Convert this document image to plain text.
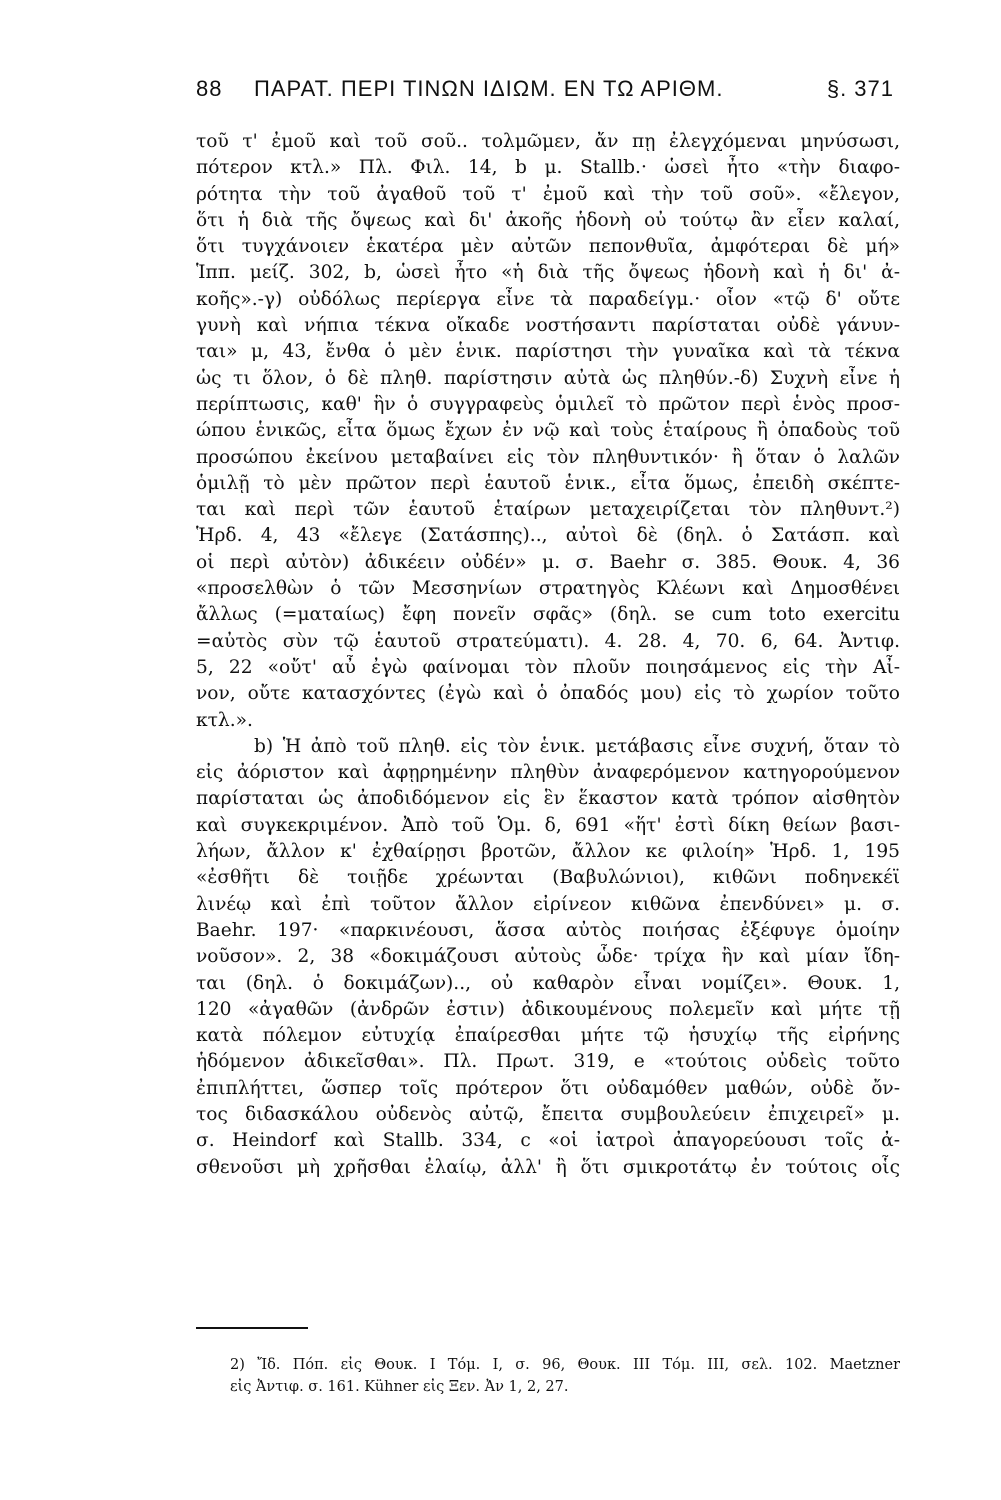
88 ΠΑΡΑΤ. ΠΕΡΙ ΤΙΝΩΝ ΙΔΙΩΜ. ΕΝ ΤΩ ΑΡΙΘΜ.	§. 371
τοῦ τ' ἐμοῦ καὶ τοῦ σοῦ.. τολμῶμεν, ἄν πῃ ἐλεγχόμεναι μηνύσωσι,
πότερον κτλ.» Πλ. Φιλ. 14, b μ. Stallb.· ὡσεὶ ἦτο «τὴν διαφο-
ρότητα τὴν τοῦ ἀγαθοῦ τοῦ τ' ἐμοῦ καὶ τὴν τοῦ σοῦ». «ἔλεγον,
ὅτι ἡ διὰ τῆς ὄψεως καὶ δι' ἀκοῆς ἡδονὴ οὐ τούτῳ ἂν εἶεν καλαί,
ὅτι τυγχάνοιεν ἑκατέρα μὲν αὐτῶν πεπονθυῖα, ἀμφότεραι δὲ μή»
Ἱππ. μείζ. 302, b, ὡσεὶ ἦτο «ἡ διὰ τῆς ὄψεως ἡδονὴ καὶ ἡ δι' ἀ-
κοῆς».-γ) οὐδόλως περίεργα εἶνε τὰ παραδείγμ.· οἷον «τῷ δ' οὔτε
γυνὴ καὶ νήπια τέκνα οἴκαδε νοστήσαντι παρίσταται οὐδὲ γάνυν-
ται» μ, 43, ἔνθα ὁ μὲν ἑνικ. παρίστησι τὴν γυναῖκα καὶ τὰ τέκνα
ὡς τι ὅλον, ὁ δὲ πληθ. παρίστησιν αὐτὰ ὡς πληθύν.-δ) Συχνὴ εἶνε ἡ
περίπτωσις, καθ' ἣν ὁ συγγραφεὺς ὁμιλεῖ τὸ πρῶτον περὶ ἑνὸς προσ-
ώπου ἑνικῶς, εἶτα ὅμως ἔχων ἐν νῷ καὶ τοὺς ἑταίρους ἢ ὀπαδοὺς τοῦ
προσώπου ἐκείνου μεταβαίνει εἰς τὸν πληθυντικόν· ἢ ὅταν ὁ λαλῶν
ὁμιλῇ τὸ μὲν πρῶτον περὶ ἑαυτοῦ ἑνικ., εἶτα ὅμως, ἐπειδὴ σκέπτε-
ται καὶ περὶ τῶν ἑαυτοῦ ἑταίρων μεταχειρίζεται τὸν πληθυντ.²)
Ἡρδ. 4, 43 «ἔλεγε (Σατάσπης).., αὐτοὶ δὲ (δηλ. ὁ Σατάσπ. καὶ
οἱ περὶ αὐτὸν) ἀδικέειν οὐδέν» μ. σ. Baehr σ. 385. Θουκ. 4, 36
«προσελθὼν ὁ τῶν Μεσσηνίων στρατηγὸς Κλέωνι καὶ Δημοσθένει
ἄλλως (=ματαίως) ἔφη πονεῖν σφᾶς» (δηλ. se cum toto exercitu
=αὐτὸς σὺν τῷ ἑαυτοῦ στρατεύματι). 4. 28. 4, 70. 6, 64. Ἀντιφ.
5, 22 «οὔτ' αὖ ἐγὼ φαίνομαι τὸν πλοῦν ποιησάμενος εἰς τὴν Αἶ-
νον, οὔτε κατασχόντες (ἐγὼ καὶ ὁ ὀπαδός μου) εἰς τὸ χωρίον τοῦτο
κτλ.».
b) Ἡ ἀπὸ τοῦ πληθ. εἰς τὸν ἑνικ. μετάβασις εἶνε συχνή, ὅταν τὸ
εἰς ἀόριστον καὶ ἀφῃρημένην πληθὺν ἀναφερόμενον κατηγορούμενον
παρίσταται ὡς ἀποδιδόμενον εἰς ἓν ἕκαστον κατὰ τρόπον αἰσθητὸν
καὶ συγκεκριμένον. Ἀπὸ τοῦ Ὁμ. δ, 691 «ἥτ' ἐστὶ δίκη θείων βασι-
λήων, ἄλλον κ' ἐχθαίρῃσι βροτῶν, ἄλλον κε φιλοίη» Ἡρδ. 1, 195
«ἐσθῆτι δὲ τοιῇδε χρέωνται (Βαβυλώνιοι), κιθῶνι ποδηνεκέϊ
λινέῳ καὶ ἐπὶ τοῦτον ἄλλον εἰρίνεον κιθῶνα ἐπενδύνει» μ. σ.
Baehr. 197· «παρκινέουσι, ἅσσα αὐτὸς ποιήσας ἐξέφυγε ὁμοίην
νοῦσον». 2, 38 «δοκιμάζουσι αὐτοὺς ὧδε· τρίχα ἢν καὶ μίαν ἴδη-
ται (δηλ. ὁ δοκιμάζων).., οὐ καθαρὸν εἶναι νομίζει». Θουκ. 1,
120 «ἀγαθῶν (ἀνδρῶν ἐστιν) ἀδικουμένους πολεμεῖν καὶ μήτε τῇ
κατὰ πόλεμον εὐτυχίᾳ ἐπαίρεσθαι μήτε τῷ ἡσυχίῳ τῆς εἰρήνης
ἡδόμενον ἀδικεῖσθαι». Πλ. Πρωτ. 319, e «τούτοις οὐδεὶς τοῦτο
ἐπιπλήττει, ὥσπερ τοῖς πρότερον ὅτι οὐδαμόθεν μαθών, οὐδὲ ὄν-
τος διδασκάλου οὐδενὸς αὐτῷ, ἔπειτα συμβουλεύειν ἐπιχειρεῖ» μ.
σ. Heindorf καὶ Stallb. 334, c «οἱ ἰατροὶ ἀπαγορεύουσι τοῖς ἀ-
σθενοῦσι μὴ χρῆσθαι ἐλαίῳ, ἀλλ' ἢ ὅτι σμικροτάτῳ ἐν τούτοις οἷς
2) Ἴδ. Πόπ. εἰς Θουκ. Ι Τόμ. Ι, σ. 96, Θουκ. ΙΙΙ Τόμ. ΙΙΙ, σελ. 102. Maetzner
εἰς Ἀντιφ. σ. 161. Kühner εἰς Ξεν. Ἀν 1, 2, 27.
